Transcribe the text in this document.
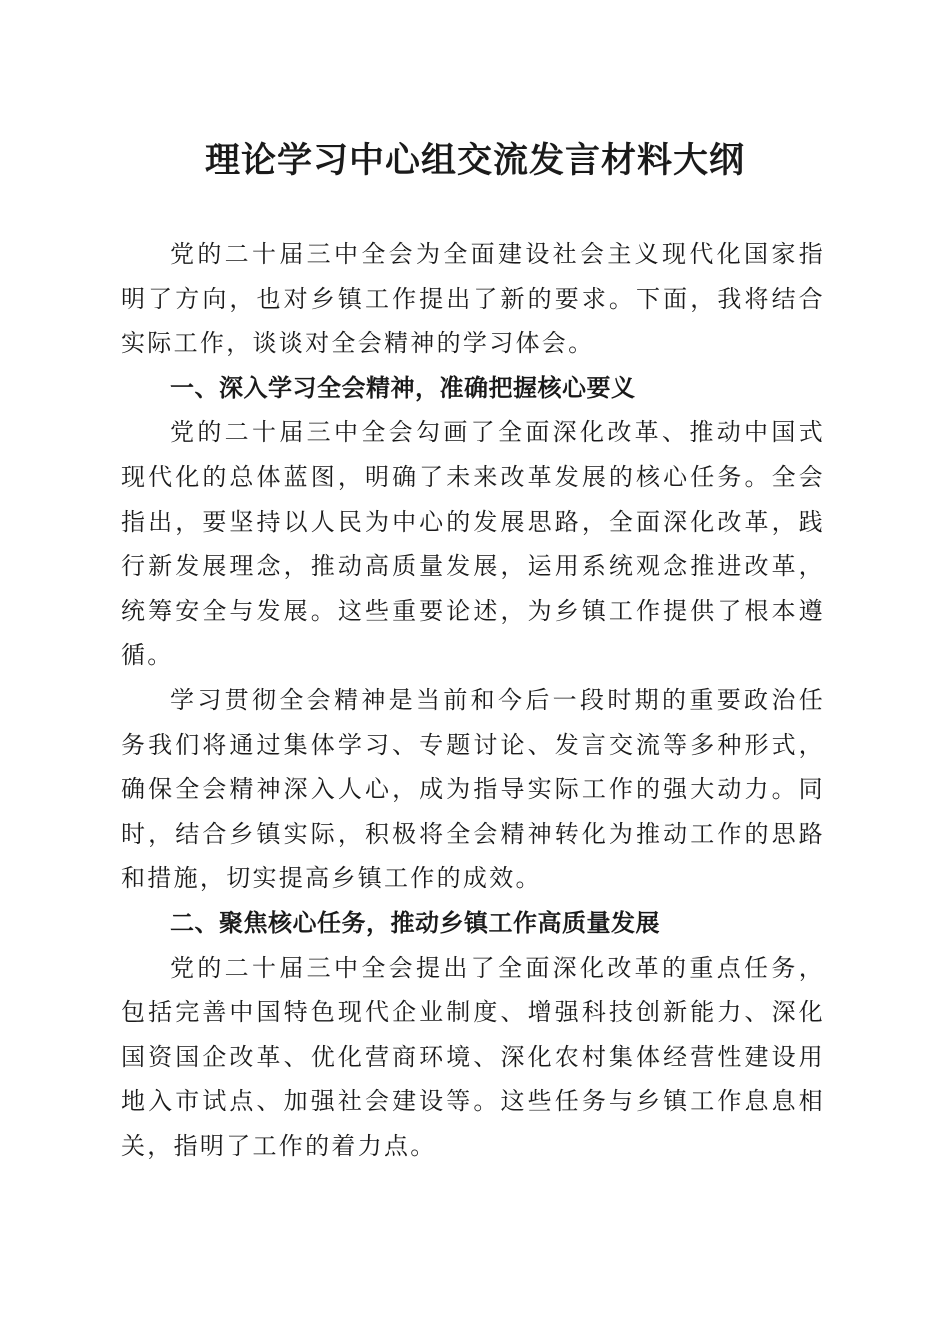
理论学习中心组交流发言材料大纲

党的二十届三中全会为全面建设社会主义现代化国家指明了方向，也对乡镇工作提出了新的要求。下面，我将结合实际工作，谈谈对全会精神的学习体会。

一、深入学习全会精神，准确把握核心要义

党的二十届三中全会勾画了全面深化改革、推动中国式现代化的总体蓝图，明确了未来改革发展的核心任务。全会指出，要坚持以人民为中心的发展思路，全面深化改革，践行新发展理念，推动高质量发展，运用系统观念推进改革，统筹安全与发展。这些重要论述，为乡镇工作提供了根本遵循。

学习贯彻全会精神是当前和今后一段时期的重要政治任务我们将通过集体学习、专题讨论、发言交流等多种形式，确保全会精神深入人心，成为指导实际工作的强大动力。同时，结合乡镇实际，积极将全会精神转化为推动工作的思路和措施，切实提高乡镇工作的成效。

二、聚焦核心任务，推动乡镇工作高质量发展

党的二十届三中全会提出了全面深化改革的重点任务，包括完善中国特色现代企业制度、增强科技创新能力、深化国资国企改革、优化营商环境、深化农村集体经营性建设用地入市试点、加强社会建设等。这些任务与乡镇工作息息相关，指明了工作的着力点。
